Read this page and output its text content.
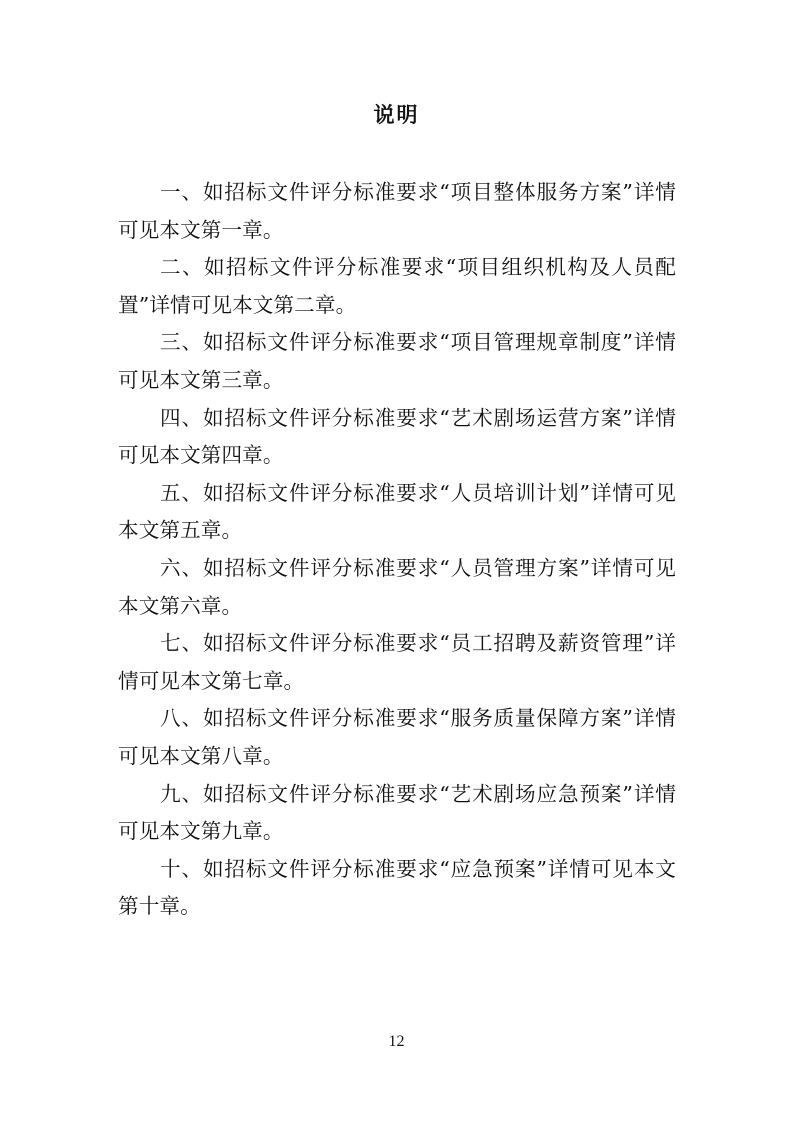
说明

一、如招标文件评分标准要求“项目整体服务方案”详情可见本文第一章。

二、如招标文件评分标准要求“项目组织机构及人员配置”详情可见本文第二章。

三、如招标文件评分标准要求“项目管理规章制度”详情可见本文第三章。

四、如招标文件评分标准要求“艺术剧场运营方案”详情可见本文第四章。

五、如招标文件评分标准要求“人员培训计划”详情可见本文第五章。

六、如招标文件评分标准要求“人员管理方案”详情可见本文第六章。

七、如招标文件评分标准要求“员工招聘及薪资管理”详情可见本文第七章。

八、如招标文件评分标准要求“服务质量保障方案”详情可见本文第八章。

九、如招标文件评分标准要求“艺术剧场应急预案”详情可见本文第九章。

十、如招标文件评分标准要求“应急预案”详情可见本文第十章。

12
